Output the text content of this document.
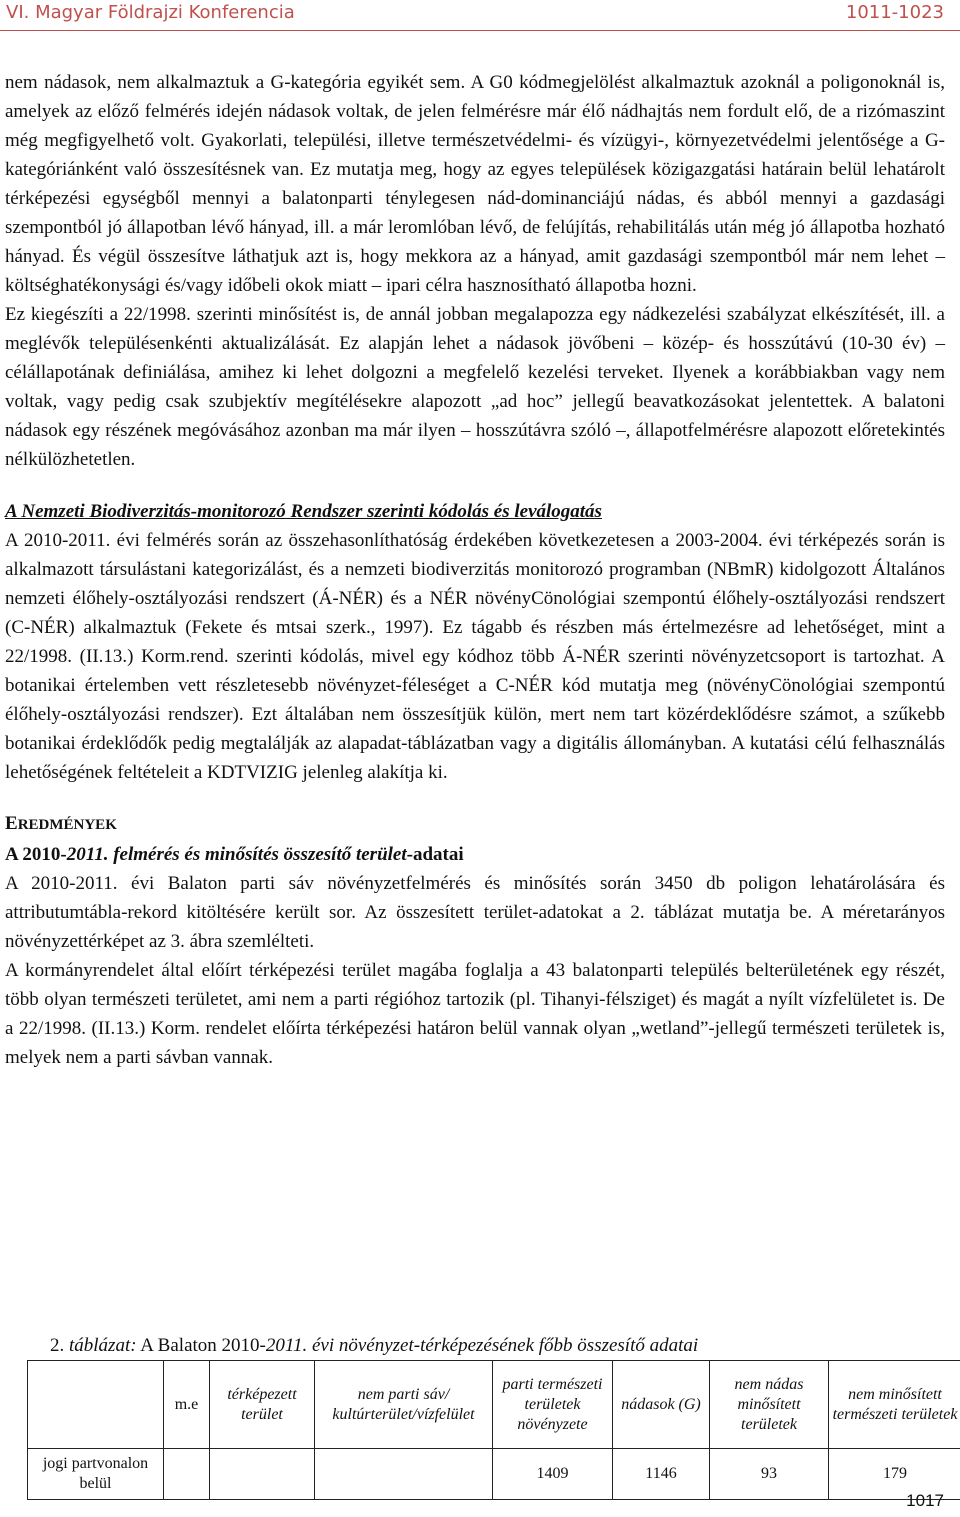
VI. Magyar Földrajzi Konferencia	1011-1023

nem nádasok, nem alkalmaztuk a G-kategória egyikét sem. A G0 kódmegjelölést alkalmaztuk azoknál a poligonoknál is, amelyek az előző felmérés idején nádasok voltak, de jelen felmérésre már élő nádhajtás nem fordult elő, de a rizómaszint még megfigyelhető volt. Gyakorlati, települési, illetve természetvédelmi- és vízügyi-, környezetvédelmi jelentősége a G-kategóriánként való összesítésnek van. Ez mutatja meg, hogy az egyes települések közigazgatási határain belül lehatárolt térképezési egységből mennyi a balatonparti ténylegesen nád-dominanciájú nádas, és abból mennyi a gazdasági szempontból jó állapotban lévő hányad, ill. a már leromlóban lévő, de felújítás, rehabilitálás után még jó állapotba hozható hányad. És végül összesítve láthatjuk azt is, hogy mekkora az a hányad, amit gazdasági szempontból már nem lehet – költséghatékonysági és/vagy időbeli okok miatt – ipari célra hasznosítható állapotba hozni.

Ez kiegészíti a 22/1998. szerinti minősítést is, de annál jobban megalapozza egy nádkezelési szabályzat elkészítését, ill. a meglévők településenkénti aktualizálását. Ez alapján lehet a nádasok jövőbeni – közép- és hosszútávú (10-30 év) – célállapotának definiálása, amihez ki lehet dolgozni a megfelelő kezelési terveket. Ilyenek a korábbiakban vagy nem voltak, vagy pedig csak szubjektív megítélésekre alapozott „ad hoc” jellegű beavatkozásokat jelentettek. A balatoni nádasok egy részének megóvásához azonban ma már ilyen – hosszútávra szóló –, állapotfelmérésre alapozott előretekintés nélkülözhetetlen.

A Nemzeti Biodiverzitás-monitorozó Rendszer szerinti kódolás és leválogatás

A 2010-2011. évi felmérés során az összehasonlíthatóság érdekében következetesen a 2003-2004. évi térképezés során is alkalmazott társulástani kategorizálást, és a nemzeti biodiverzitás monitorozó programban (NBmR) kidolgozott Általános nemzeti élőhely-osztályozási rendszert (Á-NÉR) és a NÉR növényCönológiai szempontú élőhely-osztályozási rendszert (C-NÉR) alkalmaztuk (Fekete és mtsai szerk., 1997). Ez tágabb és részben más értelmezésre ad lehetőséget, mint a 22/1998. (II.13.) Korm.rend. szerinti kódolás, mivel egy kódhoz több Á-NÉR szerinti növényzetcsoport is tartozhat. A botanikai értelemben vett részletesebb növényzet-féleséget a C-NÉR kód mutatja meg (növényCönológiai szempontú élőhely-osztályozási rendszer). Ezt általában nem összesítjük külön, mert nem tart közérdeklődésre számot, a szűkebb botanikai érdeklődők pedig megtalálják az alapadat-táblázatban vagy a digitális állományban. A kutatási célú felhasználás lehetőségének feltételeit a KDTVIZIG jelenleg alakítja ki.

EREDMÉNYEK
A 2010-2011. felmérés és minősítés összesítő terület-adatai

A 2010-2011. évi Balaton parti sáv növényzetfelmérés és minősítés során 3450 db poligon lehatárolására és attributumtábla-rekord kitöltésére került sor. Az összesített terület-adatokat a 2. táblázat mutatja be. A méretarányos növényzettérképet az 3. ábra szemlélteti.

A kormányrendelet által előírt térképezési terület magába foglalja a 43 balatonparti település belterületének egy részét, több olyan természeti területet, ami nem a parti régióhoz tartozik (pl. Tihanyi-félsziget) és magát a nyílt vízfelületet is. De a 22/1998. (II.13.) Korm. rendelet előírta térképezési határon belül vannak olyan „wetland”-jellegű természeti területek is, melyek nem a parti sávban vannak.

2. táblázat: A Balaton 2010-2011. évi növényzet-térképezésének főbb összesítő adatai
	m.e	térképezett terület	nem parti sáv/ kultúrterület/vízfelület	parti természeti területek növényzete	nádasok (G)	nem nádas minősített területek	nem minősített természeti területek
jogi partvonalon belül				1409	1146	93	179
1017
